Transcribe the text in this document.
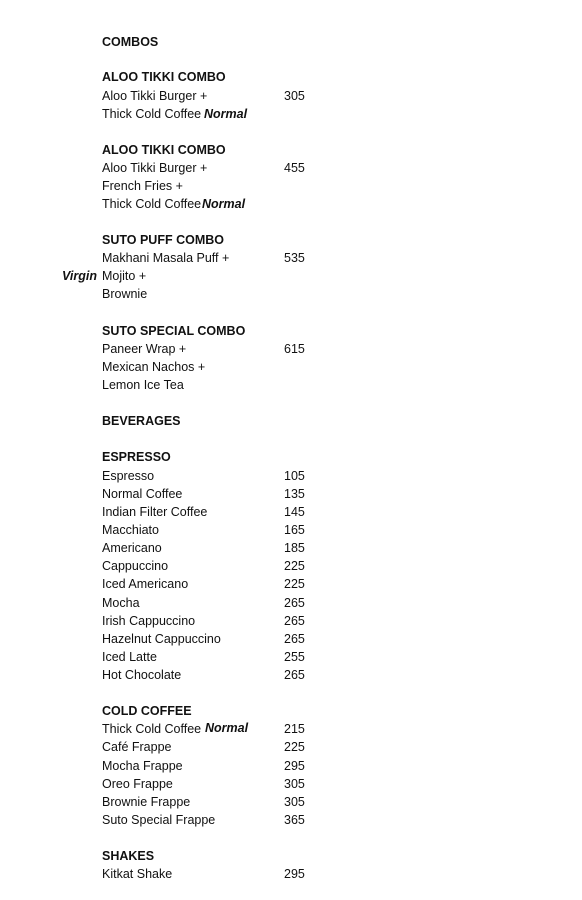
COMBOS
ALOO TIKKI COMBO
Aloo Tikki Burger +	305
Thick Cold Coffee Normal
ALOO TIKKI COMBO
Aloo Tikki Burger +	455
French Fries +
Thick Cold Coffee Normal
SUTO PUFF COMBO
Makhani Masala Puff +	535
Virgin Mojito +
Brownie
SUTO SPECIAL COMBO
Paneer Wrap +	615
Mexican Nachos +
Lemon Ice Tea
BEVERAGES
ESPRESSO
Espresso	105
Normal Coffee	135
Indian Filter Coffee	145
Macchiato	165
Americano	185
Cappuccino	225
Iced Americano	225
Mocha	265
Irish Cappuccino	265
Hazelnut Cappuccino	265
Iced Latte	255
Hot Chocolate	265
COLD COFFEE
Thick Cold Coffee Normal	215
Café Frappe	225
Mocha Frappe	295
Oreo Frappe	305
Brownie Frappe	305
Suto Special Frappe	365
SHAKES
Kitkat Shake	295
